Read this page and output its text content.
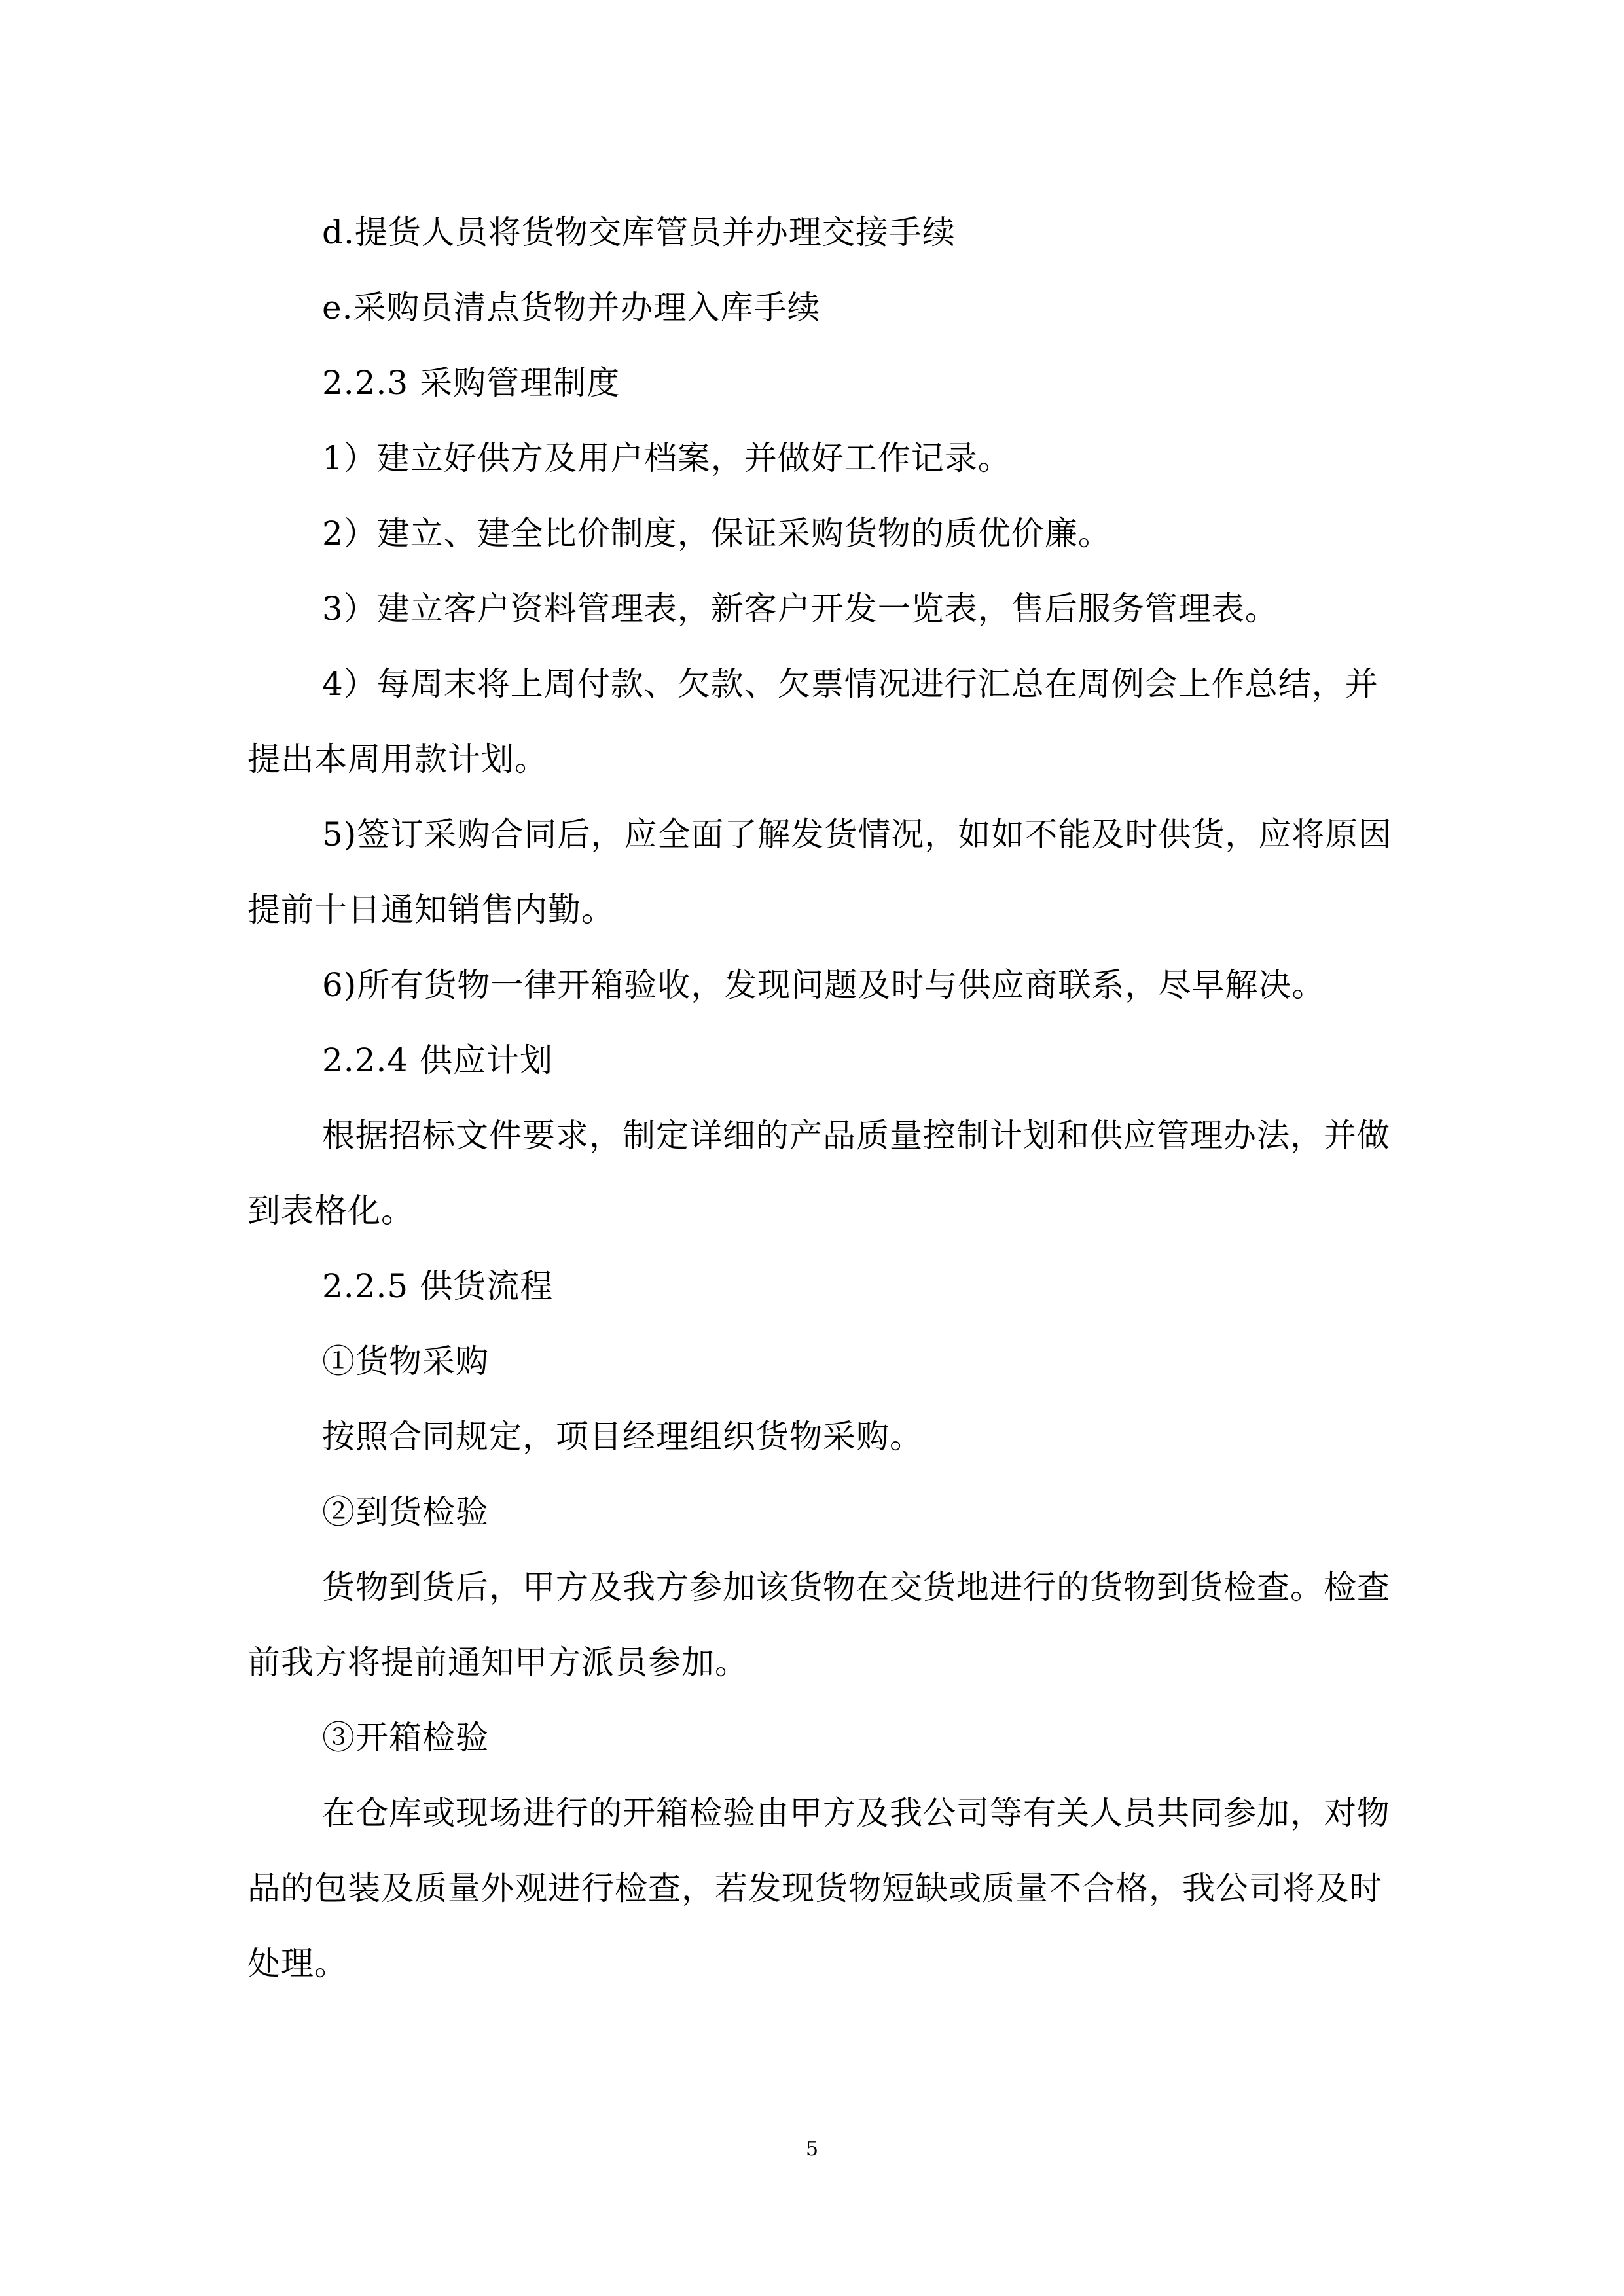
d.提货人员将货物交库管员并办理交接手续

e.采购员清点货物并办理入库手续

2.2.3 采购管理制度

1）建立好供方及用户档案，并做好工作记录。

2）建立、建全比价制度，保证采购货物的质优价廉。

3）建立客户资料管理表，新客户开发一览表，售后服务管理表。

4）每周末将上周付款、欠款、欠票情况进行汇总在周例会上作总结，并提出本周用款计划。

5)签订采购合同后，应全面了解发货情况，如如不能及时供货，应将原因提前十日通知销售内勤。

6)所有货物一律开箱验收，发现问题及时与供应商联系，尽早解决。

2.2.4 供应计划

根据招标文件要求，制定详细的产品质量控制计划和供应管理办法，并做到表格化。

2.2.5 供货流程

①货物采购

按照合同规定，项目经理组织货物采购。

②到货检验

货物到货后，甲方及我方参加该货物在交货地进行的货物到货检查。检查前我方将提前通知甲方派员参加。

③开箱检验

在仓库或现场进行的开箱检验由甲方及我公司等有关人员共同参加，对物品的包装及质量外观进行检查，若发现货物短缺或质量不合格，我公司将及时处理。

5
